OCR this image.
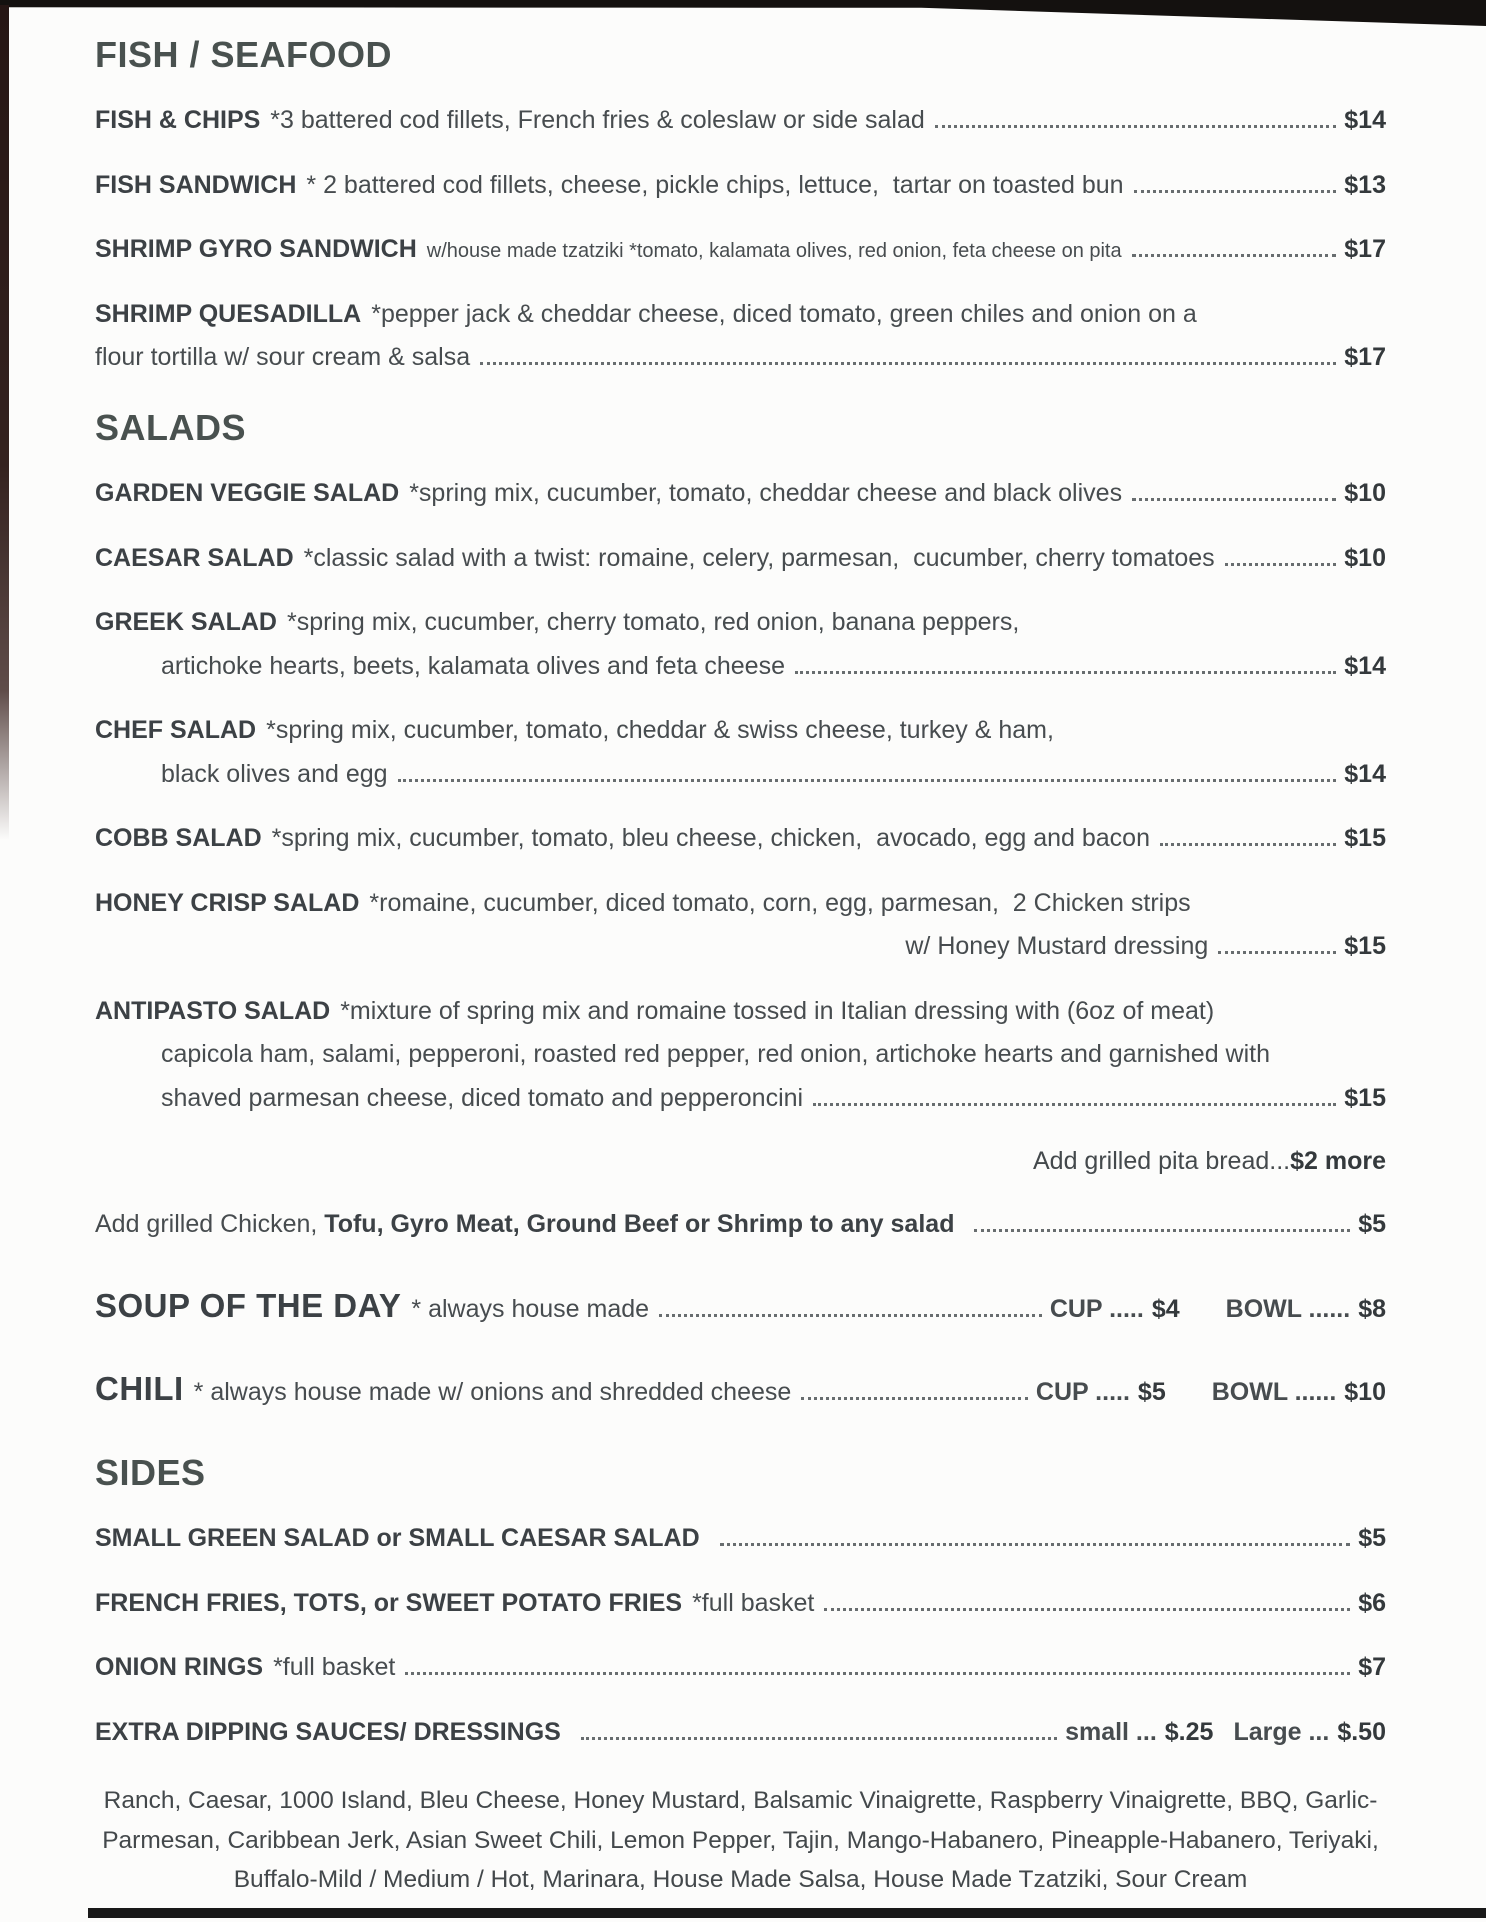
FISH / SEAFOOD
FISH & CHIPS *3 battered cod fillets, French fries & coleslaw or side salad	$14
FISH SANDWICH * 2 battered cod fillets, cheese, pickle chips, lettuce,  tartar on toasted bun	$13
SHRIMP GYRO SANDWICH w/house made tzatziki *tomato, kalamata olives, red onion, feta cheese on pita	$17
SHRIMP QUESADILLA *pepper jack & cheddar cheese, diced tomato, green chiles and onion on a
flour tortilla w/ sour cream & salsa	$17
SALADS
GARDEN VEGGIE SALAD *spring mix, cucumber, tomato, cheddar cheese and black olives	$10
CAESAR SALAD *classic salad with a twist: romaine, celery, parmesan,  cucumber, cherry tomatoes	$10
GREEK SALAD *spring mix, cucumber, cherry tomato, red onion, banana peppers,
artichoke hearts, beets, kalamata olives and feta cheese	$14
CHEF SALAD *spring mix, cucumber, tomato, cheddar & swiss cheese, turkey & ham,
black olives and egg	$14
COBB SALAD *spring mix, cucumber, tomato, bleu cheese, chicken,  avocado, egg and bacon	$15
HONEY CRISP SALAD *romaine, cucumber, diced tomato, corn, egg, parmesan,  2 Chicken strips
w/ Honey Mustard dressing	$15
ANTIPASTO SALAD *mixture of spring mix and romaine tossed in Italian dressing with (6oz of meat)
capicola ham, salami, pepperoni, roasted red pepper, red onion, artichoke hearts and garnished with
shaved parmesan cheese, diced tomato and pepperoncini	$15
Add grilled pita bread...$2 more
Add grilled Chicken, Tofu, Gyro Meat, Ground Beef or Shrimp to any salad	$5
SOUP OF THE DAY * always house made	CUP ..... $4 BOWL ...... $8
CHILI * always house made w/ onions and shredded cheese	CUP ..... $5 BOWL ...... $10
SIDES
SMALL GREEN SALAD or SMALL CAESAR SALAD	$5
FRENCH FRIES, TOTS, or SWEET POTATO FRIES *full basket	$6
ONION RINGS *full basket	$7
EXTRA DIPPING SAUCES/ DRESSINGS	small ... $.25 Large ... $.50
Ranch, Caesar, 1000 Island, Bleu Cheese, Honey Mustard, Balsamic Vinaigrette, Raspberry Vinaigrette, BBQ, Garlic-Parmesan, Caribbean Jerk, Asian Sweet Chili, Lemon Pepper, Tajin, Mango-Habanero, Pineapple-Habanero, Teriyaki, Buffalo-Mild / Medium / Hot, Marinara, House Made Salsa, House Made Tzatziki, Sour Cream
